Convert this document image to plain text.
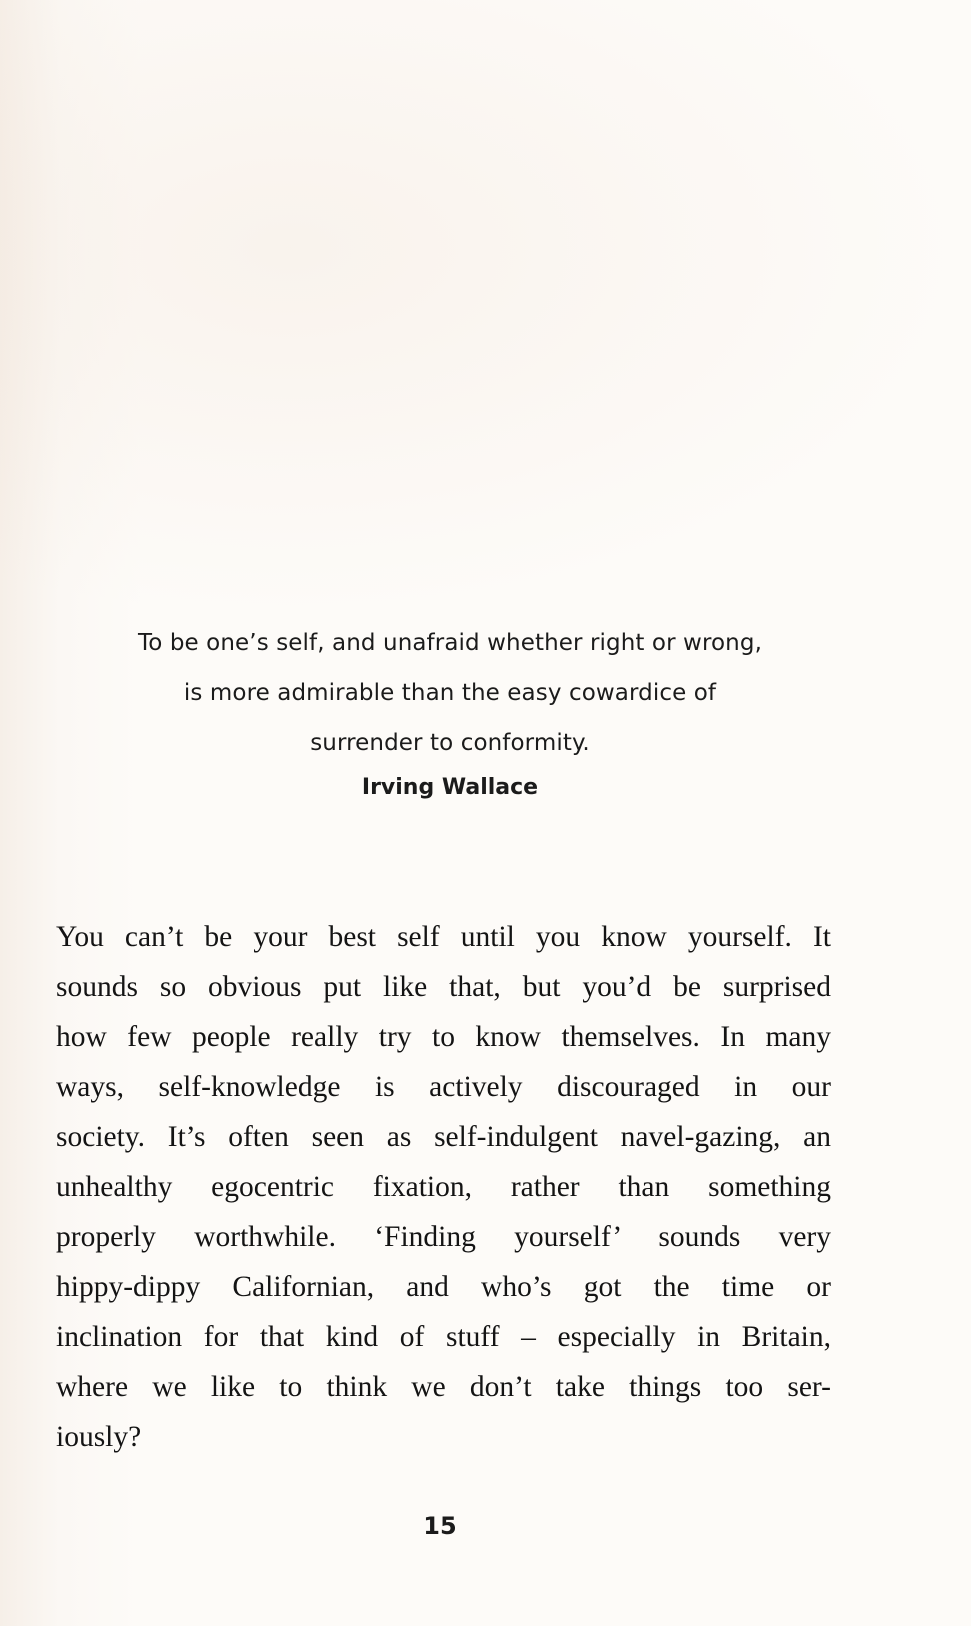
To be one’s self, and unafraid whether right or wrong,
is more admirable than the easy cowardice of
surrender to conformity.
Irving Wallace
You can’t be your best self until you know yourself. It
sounds so obvious put like that, but you’d be surprised
how few people really try to know themselves. In many
ways, self-knowledge is actively discouraged in our
society. It’s often seen as self-indulgent navel-gazing, an
unhealthy egocentric fixation, rather than something
properly worthwhile. ‘Finding yourself’ sounds very
hippy-dippy Californian, and who’s got the time or
inclination for that kind of stuff – especially in Britain,
where we like to think we don’t take things too ser-
iously?
15
